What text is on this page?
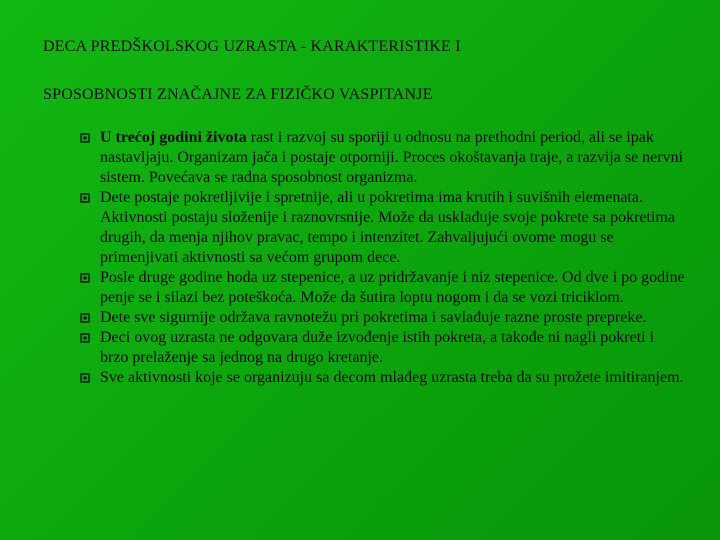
DECA PREDŠKOLSKOG UZRASTA - KARAKTERISTIKE I
SPOSOBNOSTI ZNAČAJNE ZA FIZIČKO VASPITANJE
U trećoj godini života rast i razvoj su sporiji u odnosu na prethodni period, ali se ipak nastavljaju. Organizam jača i postaje otporniji. Proces okoštavanja traje, a razvija se nervni sistem. Povećava se radna sposobnost organizma.
Dete postaje pokretljivije i spretnije, ali u pokretima ima krutih i suvišnih elemenata. Aktivnosti postaju složenije i raznovrsnije. Može da usklađuje svoje pokrete sa pokretima drugih, da menja njihov pravac, tempo i intenzitet. Zahvaljujući ovome mogu se primenjivati aktivnosti sa većom grupom dece.
Posle druge godine hoda uz stepenice, a uz pridržavanje i niz stepenice. Od dve i po godine penje se i silazi bez poteškoća. Može da šutira loptu nogom i da se vozi triciklom.
Dete sve sigurnije održava ravnotežu pri pokretima i savlađuje razne proste prepreke.
Deci ovog uzrasta ne odgovara duže izvođenje istih pokreta, a takođe ni nagli pokreti i brzo prelaženje sa jednog na drugo kretanje.
Sve aktivnosti koje se organizuju sa decom mlađeg uzrasta treba da su prožete imitiranjem.
